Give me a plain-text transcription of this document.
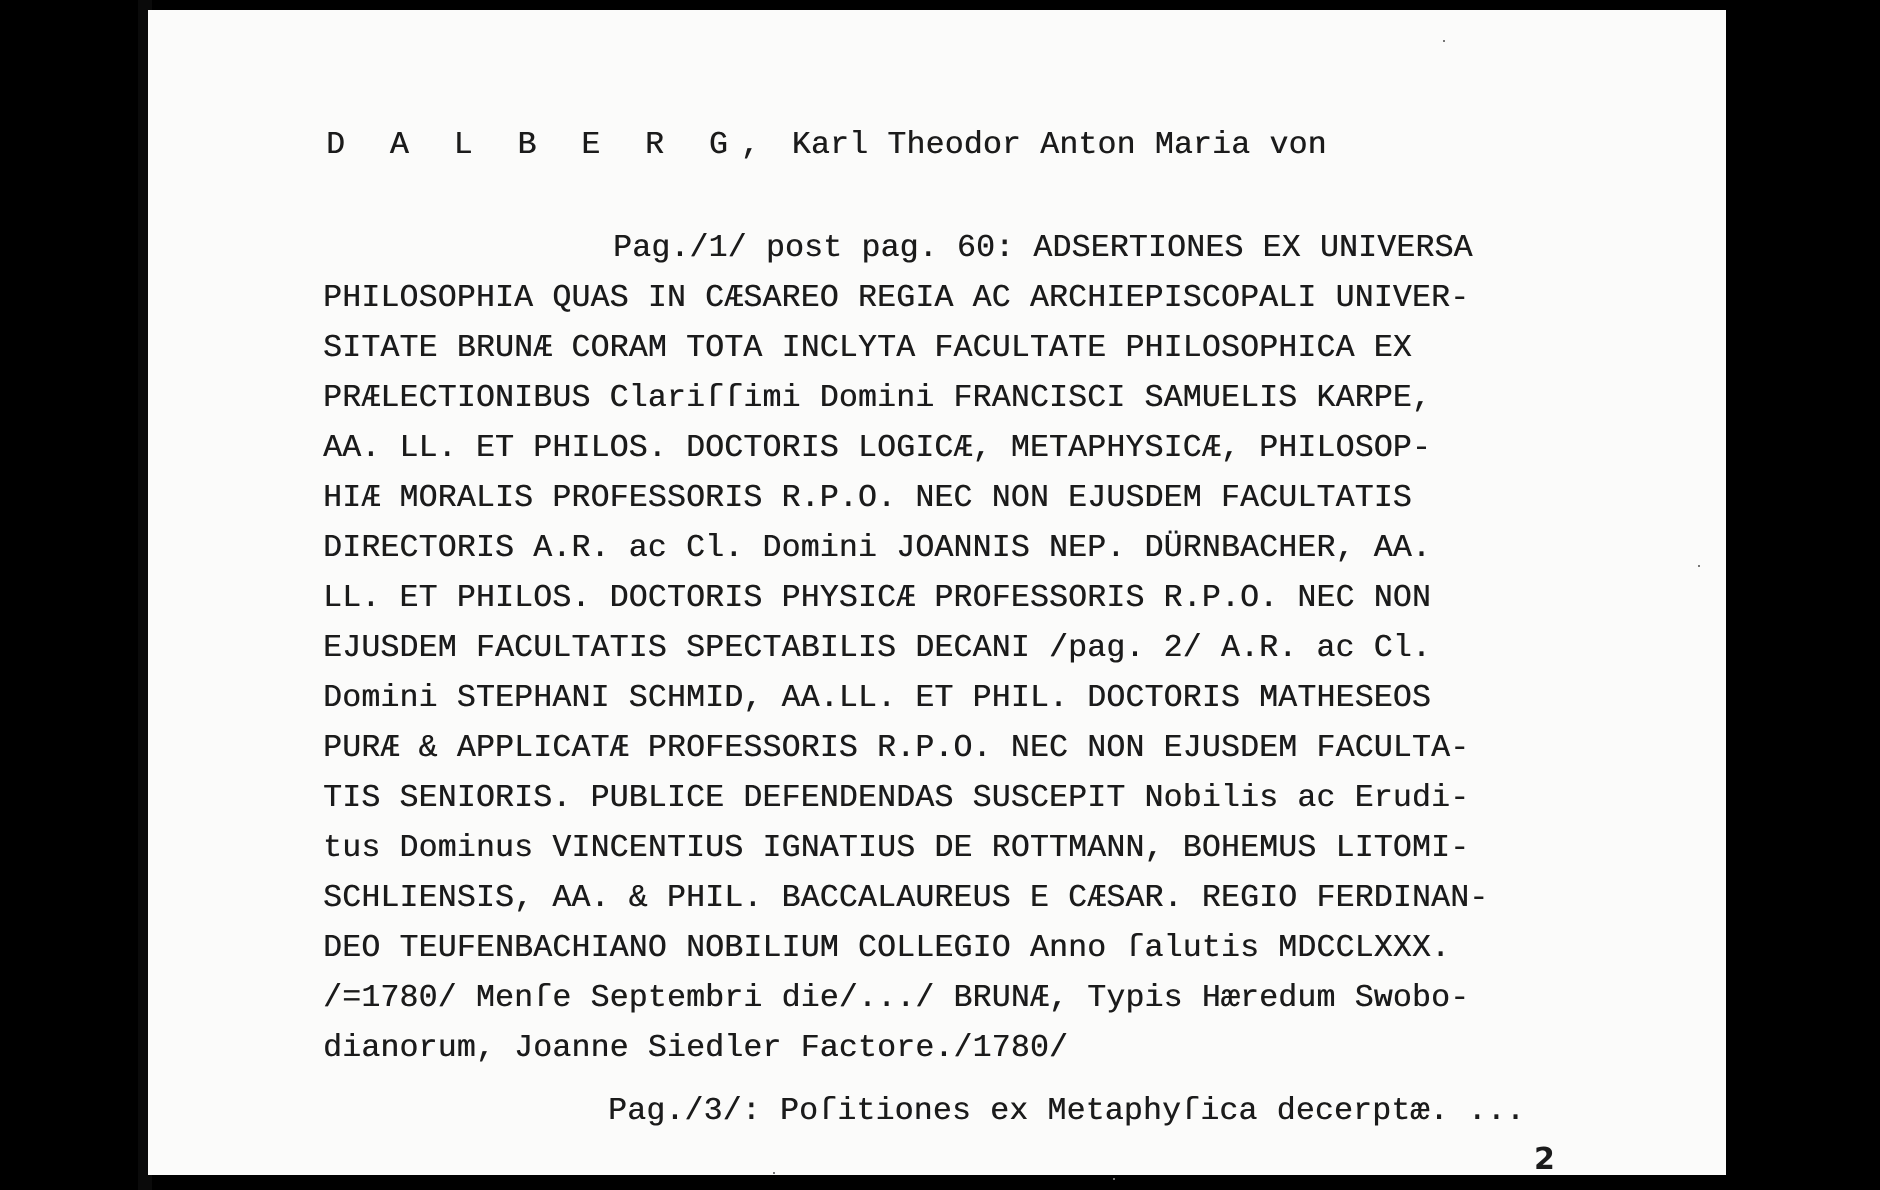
D A L B E R G, Karl Theodor Anton Maria von
Pag./1/ post pag. 60: ADSERTIONES EX UNIVERSA
PHILOSOPHIA QUAS IN CÆSAREO REGIA AC ARCHIEPISCOPALI UNIVER-
SITATE BRUNÆ CORAM TOTA INCLYTA FACULTATE PHILOSOPHICA EX
PRÆLECTIONIBUS Clariſſimi Domini FRANCISCI SAMUELIS KARPE,
AA. LL. ET PHILOS. DOCTORIS LOGICÆ, METAPHYSICÆ, PHILOSOP-
HIÆ MORALIS PROFESSORIS R.P.O. NEC NON EJUSDEM FACULTATIS
DIRECTORIS A.R. ac Cl. Domini JOANNIS NEP. DÜRNBACHER, AA.
LL. ET PHILOS. DOCTORIS PHYSICÆ PROFESSORIS R.P.O. NEC NON
EJUSDEM FACULTATIS SPECTABILIS DECANI /pag. 2/ A.R. ac Cl.
Domini STEPHANI SCHMID, AA.LL. ET PHIL. DOCTORIS MATHESEOS
PURÆ & APPLICATÆ PROFESSORIS R.P.O. NEC NON EJUSDEM FACULTA-
TIS SENIORIS. PUBLICE DEFENDENDAS SUSCEPIT Nobilis ac Erudi-
tus Dominus VINCENTIUS IGNATIUS DE ROTTMANN, BOHEMUS LITOMI-
SCHLIENSIS, AA. & PHIL. BACCALAUREUS E CÆSAR. REGIO FERDINAN-
DEO TEUFENBACHIANO NOBILIUM COLLEGIO Anno ſalutis MDCCLXXX.
/=1780/ Menſe Septembri die/.../ BRUNÆ, Typis Hæredum Swobo-
dianorum, Joanne Siedler Factore./1780/
Pag./3/: Poſitiones ex Metaphyſica decerptæ. ...
2
